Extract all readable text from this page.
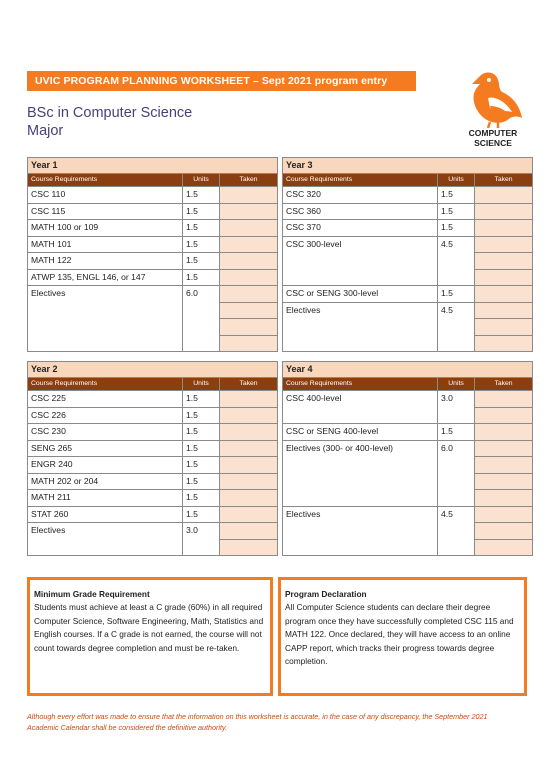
UVIC PROGRAM PLANNING WORKSHEET – Sept 2021 program entry
BSc in Computer Science
Major	COMPUTER
SCIENCE
Year 1		
Course Requirements	Units	Taken
CSC 110	1.5	
CSC 115	1.5	
MATH 100 or 109	1.5	
MATH 101	1.5	
MATH 122	1.5	
ATWP 135, ENGL 146, or 147	1.5	
Electives	6.0	

Year 3		
Course Requirements	Units	Taken
CSC 320	1.5	
CSC 360	1.5	
CSC 370	1.5	
CSC 300-level	4.5	

CSC or SENG 300-level	1.5	
Electives	4.5	

Year 2		
Course Requirements	Units	Taken
CSC 225	1.5	
CSC 226	1.5	
CSC 230	1.5	
SENG 265	1.5	
ENGR 240	1.5	
MATH 202 or 204	1.5	
MATH 211	1.5	
STAT 260	1.5	
Electives	3.0	

Year 4		
Course Requirements	Units	Taken
CSC 400-level	3.0	

CSC or SENG 400-level	1.5	
Electives (300- or 400-level)	6.0	

Electives	4.5	

Minimum Grade Requirement
Students must achieve at least a C grade (60%) in all required Computer Science, Software Engineering, Math, Statistics and English courses. If a C grade is not earned, the course will not count towards degree completion and must be re-taken.
Program Declaration
All Computer Science students can declare their degree program once they have successfully completed CSC 115 and MATH 122. Once declared, they will have access to an online CAPP report, which tracks their progress towards degree completion.
Although every effort was made to ensure that the information on this worksheet is accurate, in the case of any discrepancy, the September 2021 Academic Calendar shall be considered the definitive authority.
